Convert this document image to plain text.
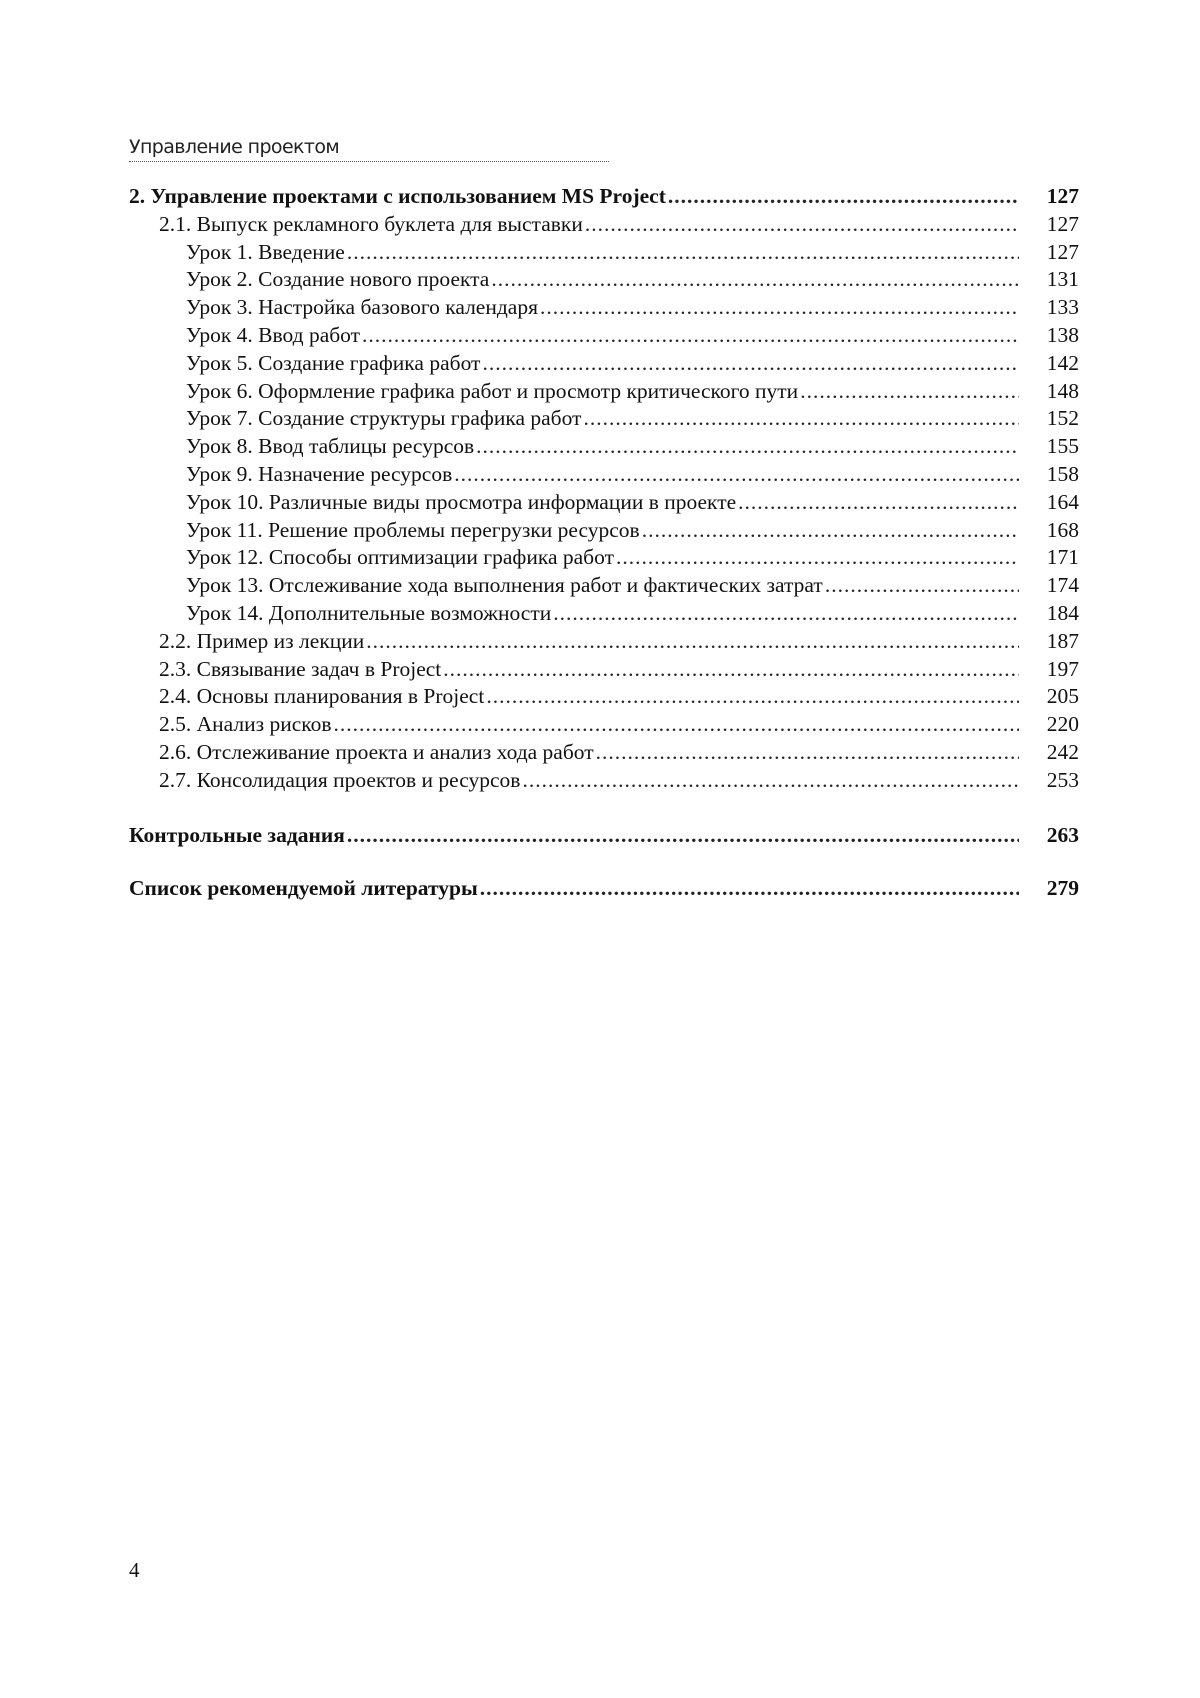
Управление проектом
2. Управление проектами с использованием MS Project .....	127
2.1. Выпуск рекламного буклета для выставки .....	127
Урок 1. Введение .....	127
Урок 2. Создание нового проекта .....	131
Урок 3. Настройка базового календаря .....	133
Урок 4. Ввод работ .....	138
Урок 5. Создание графика работ .....	142
Урок 6. Оформление графика работ и просмотр критического пути .....	148
Урок 7. Создание структуры графика работ .....	152
Урок 8. Ввод таблицы ресурсов .....	155
Урок 9. Назначение ресурсов .....	158
Урок 10. Различные виды просмотра информации в проекте .....	164
Урок 11. Решение проблемы перегрузки ресурсов .....	168
Урок 12. Способы оптимизации графика работ .....	171
Урок 13. Отслеживание хода выполнения работ и фактических затрат .....	174
Урок 14. Дополнительные возможности .....	184
2.2. Пример из лекции .....	187
2.3. Связывание задач в Project .....	197
2.4. Основы планирования в Project .....	205
2.5. Анализ рисков .....	220
2.6. Отслеживание проекта и анализ хода работ .....	242
2.7. Консолидация проектов и ресурсов .....	253
Контрольные задания .....	263
Список рекомендуемой литературы .....	279
4
